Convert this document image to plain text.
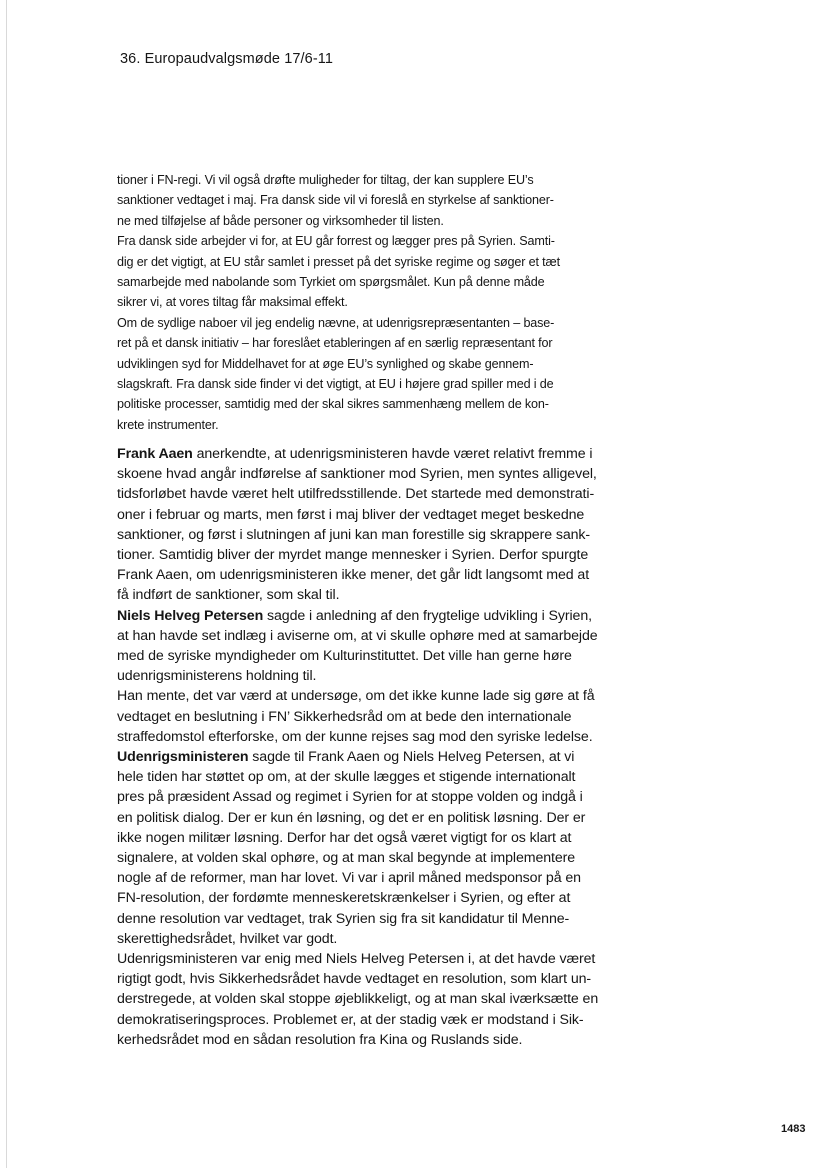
36. Europaudvalgsmøde 17/6-11
tioner i FN-regi. Vi vil også drøfte muligheder for tiltag, der kan supplere EU’s
sanktioner vedtaget i maj. Fra dansk side vil vi foreslå en styrkelse af sanktioner-
ne med tilføjelse af både personer og virksomheder til listen.
Fra dansk side arbejder vi for, at EU går forrest og lægger pres på Syrien. Samti-
dig er det vigtigt, at EU står samlet i presset på det syriske regime og søger et tæt
samarbejde med nabolande som Tyrkiet om spørgsmålet. Kun på denne måde
sikrer vi, at vores tiltag får maksimal effekt.
Om de sydlige naboer vil jeg endelig nævne, at udenrigsrepræsentanten – base-
ret på et dansk initiativ – har foreslået etableringen af en særlig repræsentant for
udviklingen syd for Middelhavet for at øge EU’s synlighed og skabe gennem-
slagskraft. Fra dansk side finder vi det vigtigt, at EU i højere grad spiller med i de
politiske processer, samtidig med der skal sikres sammenhæng mellem de kon-
krete instrumenter.
Frank Aaen anerkendte, at udenrigsministeren havde været relativt fremme i
skoene hvad angår indførelse af sanktioner mod Syrien, men syntes alligevel,
tidsforløbet havde været helt utilfredsstillende. Det startede med demonstrati-
oner i februar og marts, men først i maj bliver der vedtaget meget beskedne
sanktioner, og først i slutningen af juni kan man forestille sig skrappere sank-
tioner. Samtidig bliver der myrdet mange mennesker i Syrien. Derfor spurgte
Frank Aaen, om udenrigsministeren ikke mener, det går lidt langsomt med at
få indført de sanktioner, som skal til.
Niels Helveg Petersen sagde i anledning af den frygtelige udvikling i Syrien,
at han havde set indlæg i aviserne om, at vi skulle ophøre med at samarbejde
med de syriske myndigheder om Kulturinstituttet. Det ville han gerne høre
udenrigsministerens holdning til.
Han mente, det var værd at undersøge, om det ikke kunne lade sig gøre at få
vedtaget en beslutning i FN’ Sikkerhedsråd om at bede den internationale
straffedomstol efterforske, om der kunne rejses sag mod den syriske ledelse.
Udenrigsministeren sagde til Frank Aaen og Niels Helveg Petersen, at vi
hele tiden har støttet op om, at der skulle lægges et stigende internationalt
pres på præsident Assad og regimet i Syrien for at stoppe volden og indgå i
en politisk dialog. Der er kun én løsning, og det er en politisk løsning. Der er
ikke nogen militær løsning. Derfor har det også været vigtigt for os klart at
signalere, at volden skal ophøre, og at man skal begynde at implementere
nogle af de reformer, man har lovet. Vi var i april måned medsponsor på en
FN-resolution, der fordømte menneskeretskrænkelser i Syrien, og efter at
denne resolution var vedtaget, trak Syrien sig fra sit kandidatur til Menne-
skerettighedsrådet, hvilket var godt.
Udenrigsministeren var enig med Niels Helveg Petersen i, at det havde været
rigtigt godt, hvis Sikkerhedsrådet havde vedtaget en resolution, som klart un-
derstregede, at volden skal stoppe øjeblikkeligt, og at man skal iværksætte en
demokratiseringsproces. Problemet er, at der stadig væk er modstand i Sik-
kerhedsrådet mod en sådan resolution fra Kina og Ruslands side.
1483
